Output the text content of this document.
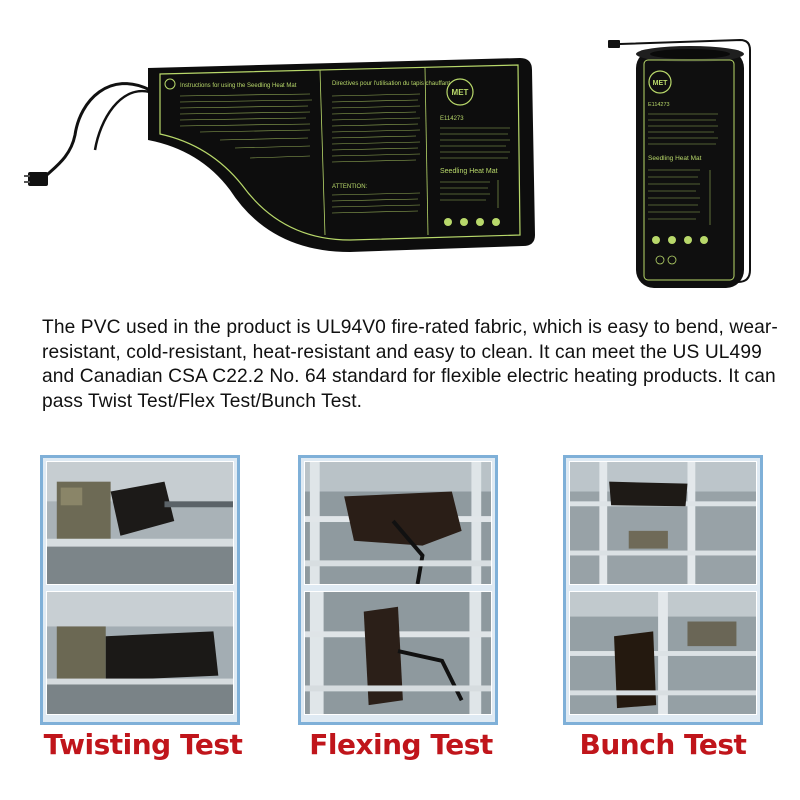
Instructions for using the Seedling Heat Mat	Directives pour l'utilisation du tapis chauffant
ATTENTION:
MET
E114273
Seedling Heat Mat
MET
E114273
Seedling Heat Mat
The PVC used in the product is UL94V0 fire-rated fabric, which is easy to bend, wear-resistant, cold-resistant, heat-resistant and easy to clean. It can meet the US UL499 and Canadian CSA C22.2 No. 64 standard for flexible electric heating products. It can pass Twist Test/Flex Test/Bunch Test.
Twisting Test	Flexing Test	Bunch Test
